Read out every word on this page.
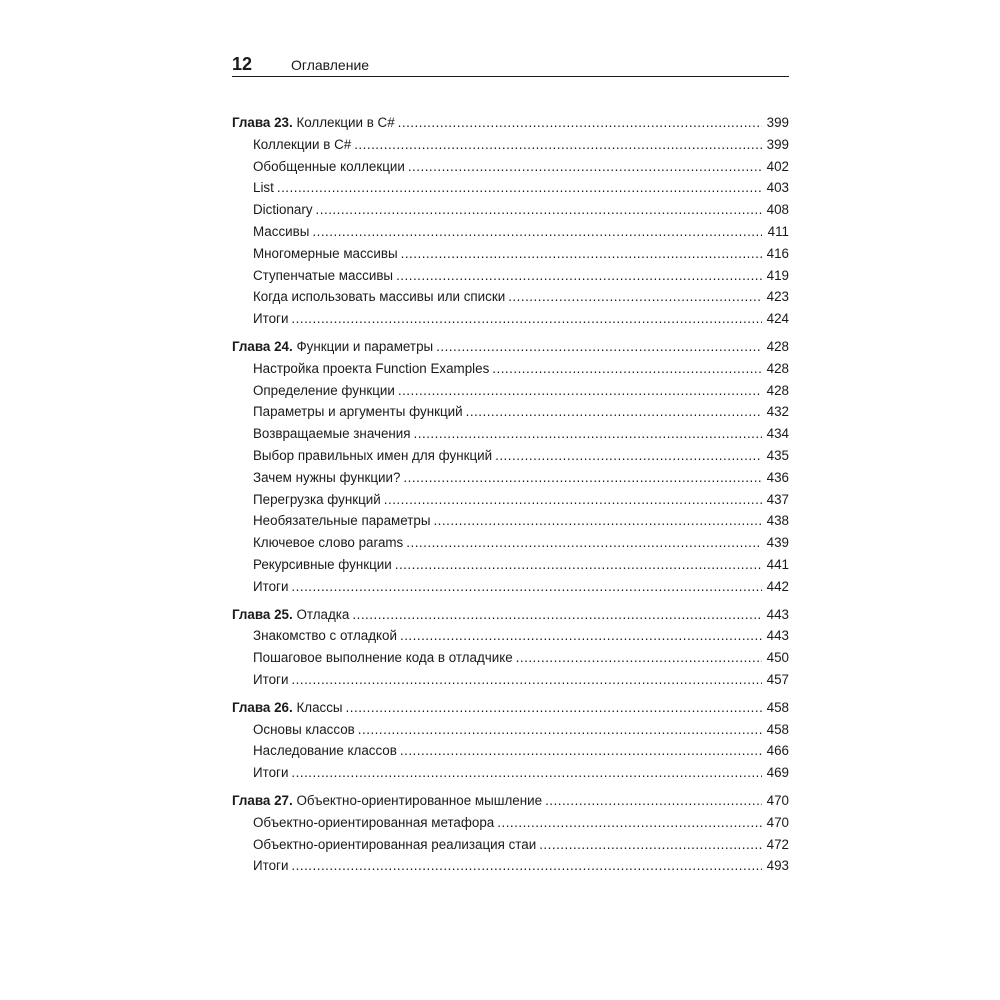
12	Оглавление
Глава 23. Коллекции в C# .....	399
Коллекции в C# .....	399
Обобщенные коллекции .....	402
List .....	403
Dictionary .....	408
Массивы .....	411
Многомерные массивы .....	416
Ступенчатые массивы .....	419
Когда использовать массивы или списки .....	423
Итоги .....	424
Глава 24. Функции и параметры .....	428
Настройка проекта Function Examples .....	428
Определение функции .....	428
Параметры и аргументы функций .....	432
Возвращаемые значения .....	434
Выбор правильных имен для функций .....	435
Зачем нужны функции? .....	436
Перегрузка функций .....	437
Необязательные параметры .....	438
Ключевое слово params .....	439
Рекурсивные функции .....	441
Итоги .....	442
Глава 25. Отладка .....	443
Знакомство с отладкой .....	443
Пошаговое выполнение кода в отладчике .....	450
Итоги .....	457
Глава 26. Классы .....	458
Основы классов .....	458
Наследование классов .....	466
Итоги .....	469
Глава 27. Объектно-ориентированное мышление .....	470
Объектно-ориентированная метафора .....	470
Объектно-ориентированная реализация стаи .....	472
Итоги .....	493
